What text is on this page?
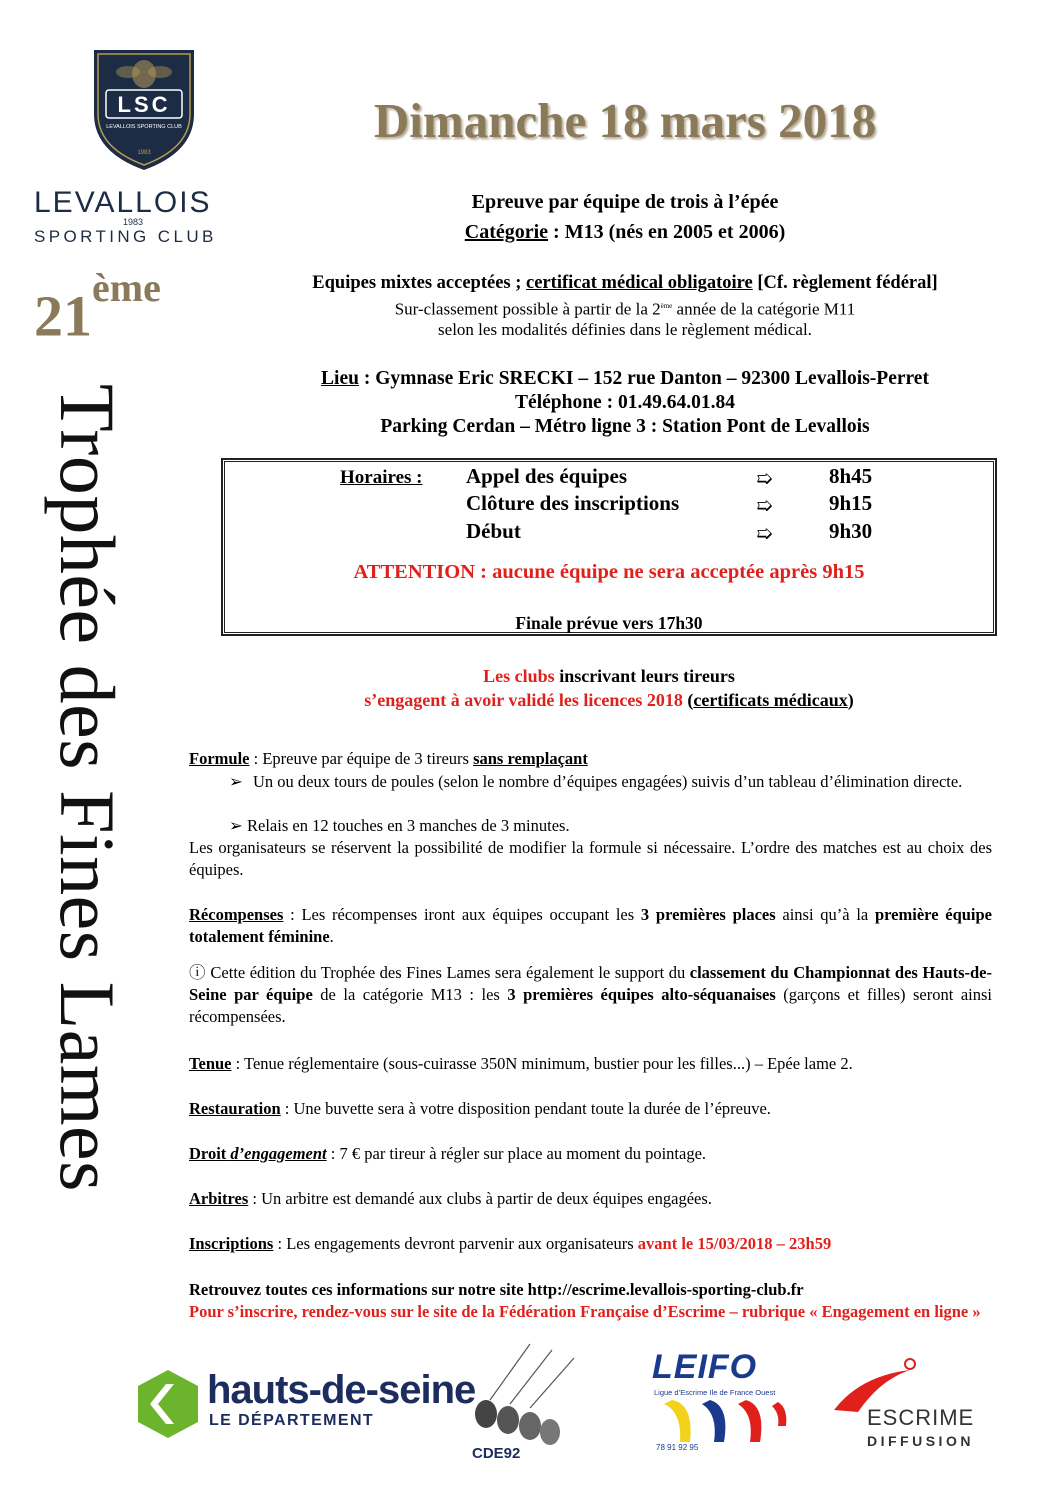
LSC
LEVALLOIS SPORTING CLUB
1983
LEVALLOIS
1983
SPORTING CLUB
Dimanche 18 mars 2018
21ème
Trophée des Fines Lames
Epreuve par équipe de trois à l’épée
Catégorie : M13 (nés en 2005 et 2006)
Equipes mixtes acceptées ; certificat médical obligatoire [Cf. règlement fédéral]
Sur-classement possible à partir de la 2ème année de la catégorie M11
selon les modalités définies dans le règlement médical.
Lieu : Gymnase Eric SRECKI – 152 rue Danton – 92300 Levallois-Perret
Téléphone : 01.49.64.01.84
Parking Cerdan – Métro ligne 3 : Station Pont de Levallois
Horaires : Appel des équipes	➯	8h45
Clôture des inscriptions	➯	9h15
Début	➯	9h30
ATTENTION : aucune équipe ne sera acceptée après 9h15
Finale prévue vers 17h30
Les clubs inscrivant leurs tireurs
s’engagent à avoir validé les licences 2018 (certificats médicaux)
Formule : Epreuve par équipe de 3 tireurs sans remplaçant
➢ Un ou deux tours de poules (selon le nombre d’équipes engagées) suivis d’un tableau d’élimination directe.
➢ Relais en 12 touches en 3 manches de 3 minutes.
Les organisateurs se réservent la possibilité de modifier la formule si nécessaire. L’ordre des matches est au choix des équipes.
Récompenses : Les récompenses iront aux équipes occupant les 3 premières places ainsi qu’à la première équipe totalement féminine.
ⓘ Cette édition du Trophée des Fines Lames sera également le support du classement du Championnat des Hauts-de-Seine par équipe de la catégorie M13 : les 3 premières équipes alto-séquanaises (garçons et filles) seront ainsi récompensées.
Tenue : Tenue réglementaire (sous-cuirasse 350N minimum, bustier pour les filles...) – Epée lame 2.
Restauration : Une buvette sera à votre disposition pendant toute la durée de l’épreuve.
Droit d’engagement : 7 € par tireur à régler sur place au moment du pointage.
Arbitres : Un arbitre est demandé aux clubs à partir de deux équipes engagées.
Inscriptions : Les engagements devront parvenir aux organisateurs avant le 15/03/2018 – 23h59
Retrouvez toutes ces informations sur notre site http://escrime.levallois-sporting-club.fr
Pour s’inscrire, rendez-vous sur le site de la Fédération Française d’Escrime – rubrique « Engagement en ligne »
hauts-de-seine
LE DÉPARTEMENT
CDE92
LEIFO
Ligue d’Escrime Ile de France Ouest
78 91 92 95
ESCRIME
DIFFUSION
